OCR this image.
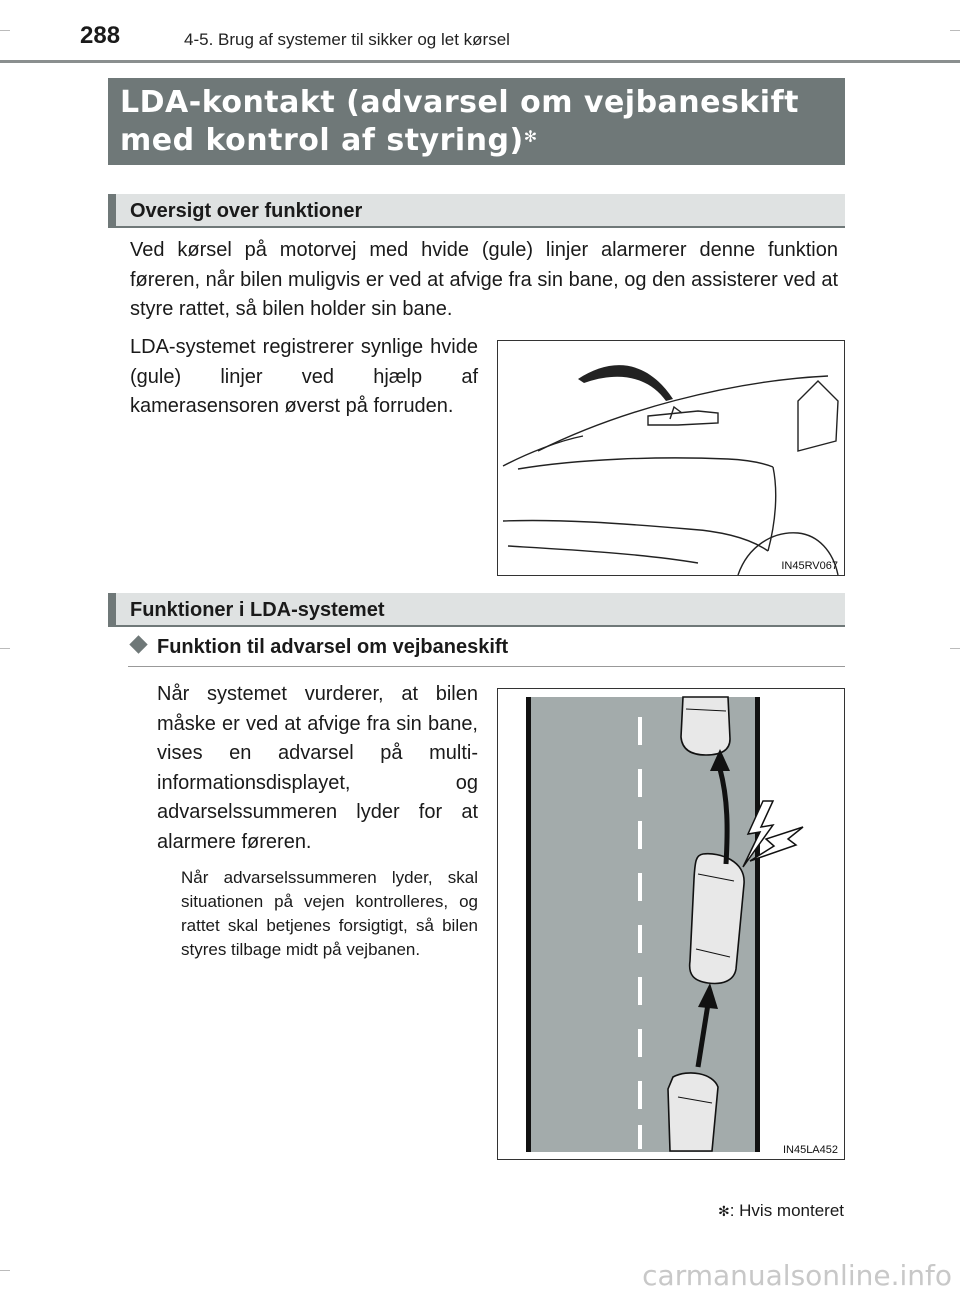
288	4-5. Brug af systemer til sikker og let kørsel
LDA-kontakt (advarsel om vejbaneskift med kontrol af styring)✻
Oversigt over funktioner
Ved kørsel på motorvej med hvide (gule) linjer alarmerer denne funktion føreren, når bilen muligvis er ved at afvige fra sin bane, og den assisterer ved at styre rattet, så bilen holder sin bane.
LDA-systemet registrerer synlige hvide (gule) linjer ved hjælp af kamerasensoren øverst på forruden.
IN45RV067
Funktioner i LDA-systemet
Funktion til advarsel om vejbaneskift
Når systemet vurderer, at bilen måske er ved at afvige fra sin bane, vises en advarsel på multi-informationsdisplayet, og advarselssummeren lyder for at alarmere føreren.
Når advarselssummeren lyder, skal situationen på vejen kontrolleres, og rattet skal betjenes forsigtigt, så bilen styres tilbage midt på vejbanen.
IN45LA452
✻: Hvis monteret
carmanualsonline.info
